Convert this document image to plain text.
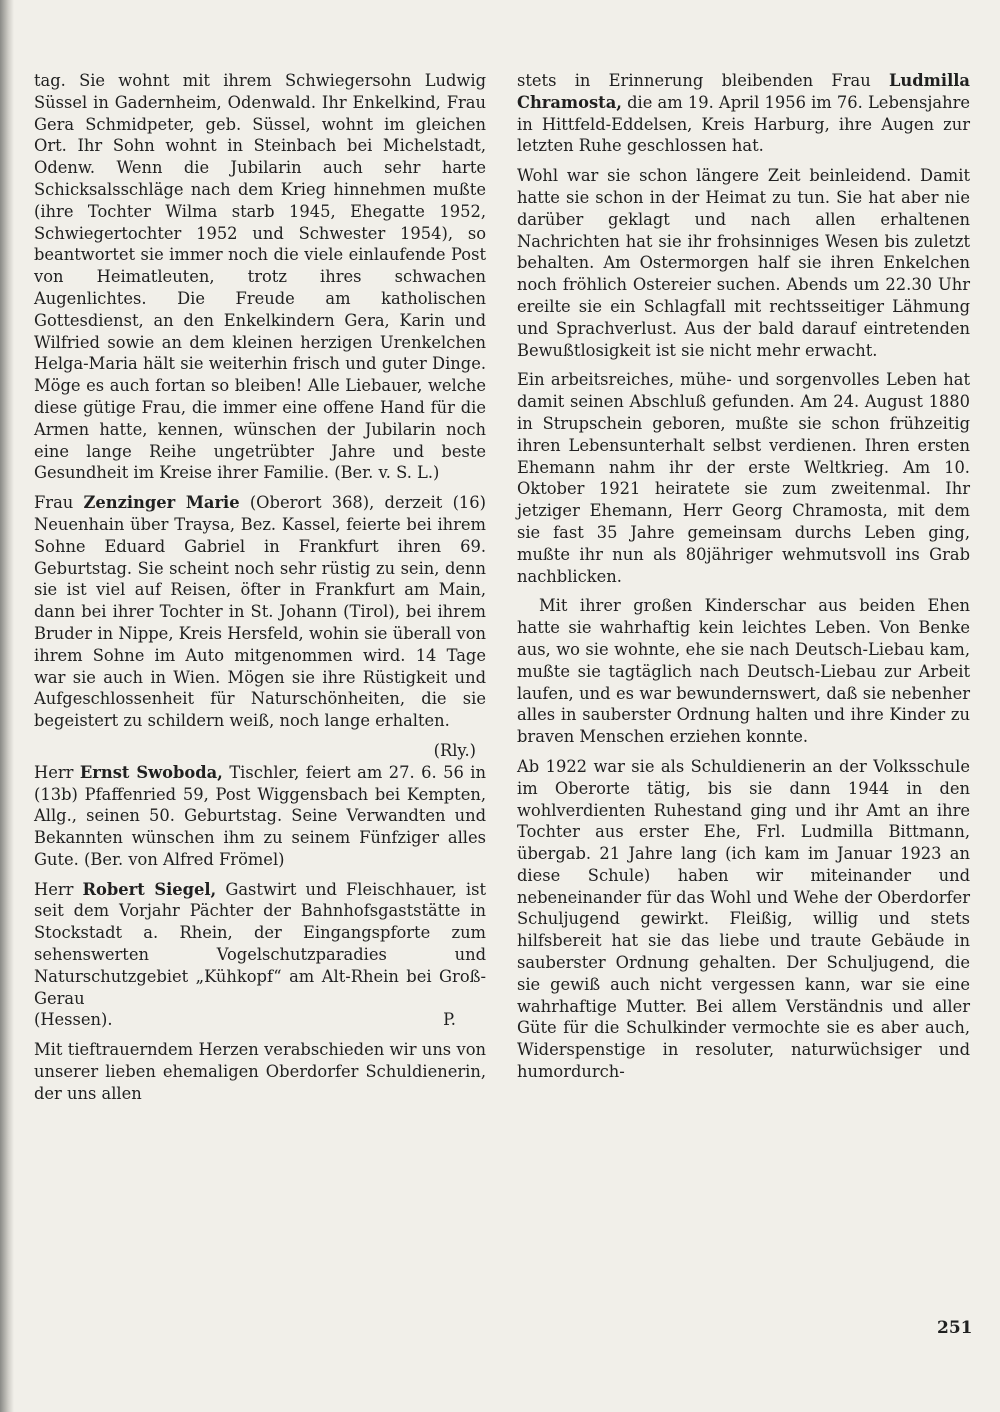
tag. Sie wohnt mit ihrem Schwiegersohn Ludwig Süssel in Gadernheim, Odenwald. Ihr Enkelkind, Frau Gera Schmidpeter, geb. Süssel, wohnt im gleichen Ort. Ihr Sohn wohnt in Steinbach bei Michelstadt, Odenw. Wenn die Jubilarin auch sehr harte Schicksalsschläge nach dem Krieg hinnehmen mußte (ihre Tochter Wilma starb 1945, Ehegatte 1952, Schwiegertochter 1952 und Schwester 1954), so beantwortet sie immer noch die viele einlaufende Post von Heimatleuten, trotz ihres schwachen Augenlichtes. Die Freude am katholischen Gottesdienst, an den Enkelkindern Gera, Karin und Wilfried sowie an dem kleinen herzigen Urenkelchen Helga-Maria hält sie weiterhin frisch und guter Dinge. Möge es auch fortan so bleiben! Alle Liebauer, welche diese gütige Frau, die immer eine offene Hand für die Armen hatte, kennen, wünschen der Jubilarin noch eine lange Reihe ungetrübter Jahre und beste Gesundheit im Kreise ihrer Familie. (Ber. v. S. L.)

Frau Zenzinger Marie (Oberort 368), derzeit (16) Neuenhain über Traysa, Bez. Kassel, feierte bei ihrem Sohne Eduard Gabriel in Frankfurt ihren 69. Geburtstag. Sie scheint noch sehr rüstig zu sein, denn sie ist viel auf Reisen, öfter in Frankfurt am Main, dann bei ihrer Tochter in St. Johann (Tirol), bei ihrem Bruder in Nippe, Kreis Hersfeld, wohin sie überall von ihrem Sohne im Auto mitgenommen wird. 14 Tage war sie auch in Wien. Mögen sie ihre Rüstigkeit und Aufgeschlossenheit für Naturschönheiten, die sie begeistert zu schildern weiß, noch lange erhalten.

(Rly.)

Herr Ernst Swoboda, Tischler, feiert am 27. 6. 56 in (13b) Pfaffenried 59, Post Wiggensbach bei Kempten, Allg., seinen 50. Geburtstag. Seine Verwandten und Bekannten wünschen ihm zu seinem Fünfziger alles Gute. (Ber. von Alfred Frömel)

Herr Robert Siegel, Gastwirt und Fleischhauer, ist seit dem Vorjahr Pächter der Bahnhofsgaststätte in Stockstadt a. Rhein, der Eingangspforte zum sehenswerten Vogelschutzparadies und Naturschutzgebiet „Kühkopf“ am Alt-Rhein bei Groß-Gerau

(Hessen).	P.

Mit tieftrauerndem Herzen verabschieden wir uns von unserer lieben ehemaligen Oberdorfer Schuldienerin, der uns allen

stets in Erinnerung bleibenden Frau Ludmilla Chramosta, die am 19. April 1956 im 76. Lebensjahre in Hittfeld-Eddelsen, Kreis Harburg, ihre Augen zur letzten Ruhe geschlossen hat.

Wohl war sie schon längere Zeit beinleidend. Damit hatte sie schon in der Heimat zu tun. Sie hat aber nie darüber geklagt und nach allen erhaltenen Nachrichten hat sie ihr frohsinniges Wesen bis zuletzt behalten. Am Ostermorgen half sie ihren Enkelchen noch fröhlich Ostereier suchen. Abends um 22.30 Uhr ereilte sie ein Schlagfall mit rechtsseitiger Lähmung und Sprachverlust. Aus der bald darauf eintretenden Bewußtlosigkeit ist sie nicht mehr erwacht.

Ein arbeitsreiches, mühe- und sorgenvolles Leben hat damit seinen Abschluß gefunden. Am 24. August 1880 in Strupschein geboren, mußte sie schon frühzeitig ihren Lebensunterhalt selbst verdienen. Ihren ersten Ehemann nahm ihr der erste Weltkrieg. Am 10. Oktober 1921 heiratete sie zum zweitenmal. Ihr jetziger Ehemann, Herr Georg Chramosta, mit dem sie fast 35 Jahre gemeinsam durchs Leben ging, mußte ihr nun als 80jähriger wehmutsvoll ins Grab nachblicken.

Mit ihrer großen Kinderschar aus beiden Ehen hatte sie wahrhaftig kein leichtes Leben. Von Benke aus, wo sie wohnte, ehe sie nach Deutsch-Liebau kam, mußte sie tagtäglich nach Deutsch-Liebau zur Arbeit laufen, und es war bewundernswert, daß sie nebenher alles in sauberster Ordnung halten und ihre Kinder zu braven Menschen erziehen konnte.

Ab 1922 war sie als Schuldienerin an der Volksschule im Oberorte tätig, bis sie dann 1944 in den wohlverdienten Ruhestand ging und ihr Amt an ihre Tochter aus erster Ehe, Frl. Ludmilla Bittmann, übergab. 21 Jahre lang (ich kam im Januar 1923 an diese Schule) haben wir miteinander und nebeneinander für das Wohl und Wehe der Oberdorfer Schuljugend gewirkt. Fleißig, willig und stets hilfsbereit hat sie das liebe und traute Gebäude in sauberster Ordnung gehalten. Der Schuljugend, die sie gewiß auch nicht vergessen kann, war sie eine wahrhaftige Mutter. Bei allem Verständnis und aller Güte für die Schulkinder vermochte sie es aber auch, Widerspenstige in resoluter, naturwüchsiger und humordurch-

251
